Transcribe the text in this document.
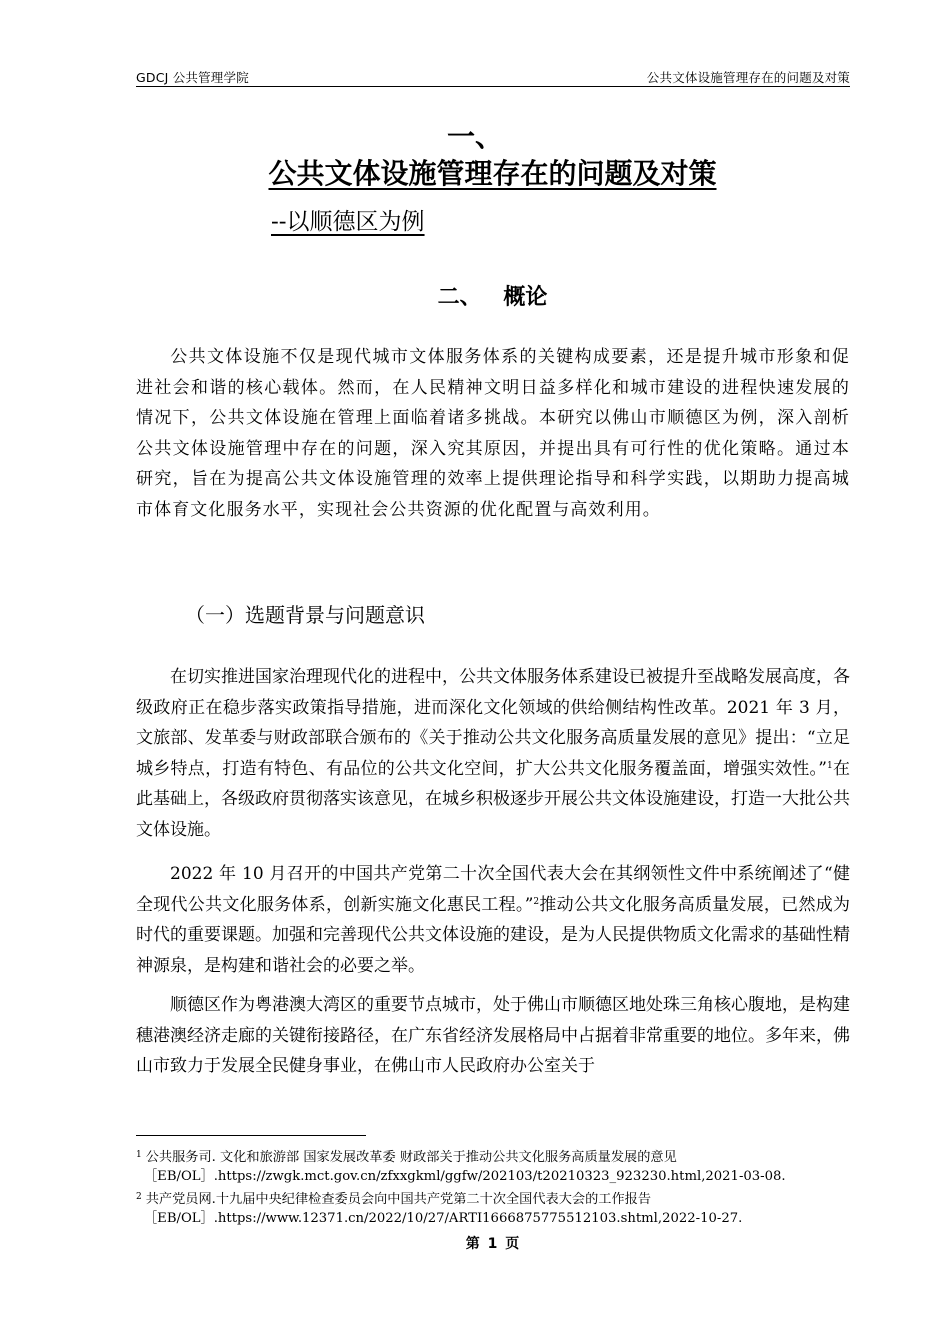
GDCJ 公共管理学院	公共文体设施管理存在的问题及对策
一、
公共文体设施管理存在的问题及对策
--以顺德区为例
二、 概论
公共文体设施不仅是现代城市文体服务体系的关键构成要素，还是提升城市形象和促进社会和谐的核心载体。然而，在人民精神文明日益多样化和城市建设的进程快速发展的情况下，公共文体设施在管理上面临着诸多挑战。本研究以佛山市顺德区为例，深入剖析公共文体设施管理中存在的问题，深入究其原因，并提出具有可行性的优化策略。通过本研究，旨在为提高公共文体设施管理的效率上提供理论指导和科学实践，以期助力提高城市体育文化服务水平，实现社会公共资源的优化配置与高效利用。
（一）选题背景与问题意识
在切实推进国家治理现代化的进程中，公共文体服务体系建设已被提升至战略发展高度，各级政府正在稳步落实政策指导措施，进而深化文化领域的供给侧结构性改革。2021 年 3 月，文旅部、发革委与财政部联合颁布的《关于推动公共文化服务高质量发展的意见》提出：“立足城乡特点，打造有特色、有品位的公共文化空间，扩大公共文化服务覆盖面，增强实效性。”$^1$在此基础上，各级政府贯彻落实该意见，在城乡积极逐步开展公共文体设施建设，打造一大批公共文体设施。
2022 年 10 月召开的中国共产党第二十次全国代表大会在其纲领性文件中系统阐述了“健全现代公共文化服务体系，创新实施文化惠民工程。”$^2$推动公共文化服务高质量发展，已然成为时代的重要课题。加强和完善现代公共文体设施的建设，是为人民提供物质文化需求的基础性精神源泉，是构建和谐社会的必要之举。
顺德区作为粤港澳大湾区的重要节点城市，处于佛山市顺德区地处珠三角核心腹地，是构建穗港澳经济走廊的关键衔接路径，在广东省经济发展格局中占据着非常重要的地位。多年来，佛山市致力于发展全民健身事业，在佛山市人民政府办公室关于
$^1$ 公共服务司. 文化和旅游部 国家发展改革委 财政部关于推动公共文化服务高质量发展的意见
［EB/OL］.https://zwgk.mct.gov.cn/zfxxgkml/ggfw/202103/t20210323_923230.html,2021-03-08.
$^2$ 共产党员网.十九届中央纪律检查委员会向中国共产党第二十次全国代表大会的工作报告
［EB/OL］.https://www.12371.cn/2022/10/27/ARTI1666875775512103.shtml,2022-10-27.
第 1 页
